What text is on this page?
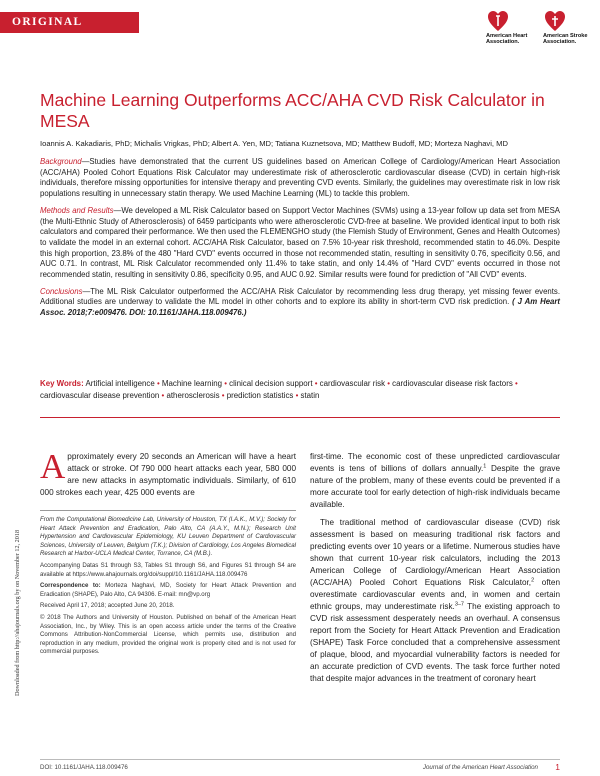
ORIGINAL RESEARCH
American Heart Association.
American Stroke Association.
Machine Learning Outperforms ACC/AHA CVD Risk Calculator in MESA
Ioannis A. Kakadiaris, PhD; Michalis Vrigkas, PhD; Albert A. Yen, MD; Tatiana Kuznetsova, MD; Matthew Budoff, MD; Morteza Naghavi, MD

Background—Studies have demonstrated that the current US guidelines based on American College of Cardiology/American Heart Association (ACC/AHA) Pooled Cohort Equations Risk Calculator may underestimate risk of atherosclerotic cardiovascular disease (CVD) in certain high-risk individuals, therefore missing opportunities for intensive therapy and preventing CVD events. Similarly, the guidelines may overestimate risk in low risk populations resulting in unnecessary statin therapy. We used Machine Learning (ML) to tackle this problem.

Methods and Results—We developed a ML Risk Calculator based on Support Vector Machines (SVMs) using a 13-year follow up data set from MESA (the Multi-Ethnic Study of Atherosclerosis) of 6459 participants who were atherosclerotic CVD-free at baseline. We provided identical input to both risk calculators and compared their performance. We then used the FLEMENGHO study (the Flemish Study of Environment, Genes and Health Outcomes) to validate the model in an external cohort. ACC/AHA Risk Calculator, based on 7.5% 10-year risk threshold, recommended statin to 46.0%. Despite this high proportion, 23.8% of the 480 "Hard CVD" events occurred in those not recommended statin, resulting in sensitivity 0.76, specificity 0.56, and AUC 0.71. In contrast, ML Risk Calculator recommended only 11.4% to take statin, and only 14.4% of "Hard CVD" events occurred in those not recommended statin, resulting in sensitivity 0.86, specificity 0.95, and AUC 0.92. Similar results were found for prediction of "All CVD" events.

Conclusions—The ML Risk Calculator outperformed the ACC/AHA Risk Calculator by recommending less drug therapy, yet missing fewer events. Additional studies are underway to validate the ML model in other cohorts and to explore its ability in short-term CVD risk prediction. ( J Am Heart Assoc. 2018;7:e009476. DOI: 10.1161/JAHA.118.009476.)

Key Words: Artificial intelligence • Machine learning • clinical decision support • cardiovascular risk • cardiovascular disease risk factors • cardiovascular disease prevention • atherosclerosis • prediction statistics • statin
Downloaded from http://ahajournals.org by on November 12, 2018
Approximately every 20 seconds an American will have a heart attack or stroke. Of 790 000 heart attacks each year, 580 000 are new attacks in asymptomatic individuals. Similarly, of 610 000 strokes each year, 425 000 events are

From the Computational Biomedicine Lab, University of Houston, TX (I.A.K., M.V.); Society for Heart Attack Prevention and Eradication, Palo Alto, CA (A.A.Y., M.N.); Research Unit Hypertension and Cardiovascular Epidemiology, KU Leuven Department of Cardiovascular Sciences, University of Leuven, Belgium (T.K.); Division of Cardiology, Los Angeles Biomedical Research at Harbor-UCLA Medical Center, Torrance, CA (M.B.).

Accompanying Datas S1 through S3, Tables S1 through S6, and Figures S1 through S4 are available at https://www.ahajournals.org/doi/suppl/10.1161/JAHA.118.009476

Correspondence to: Morteza Naghavi, MD, Society for Heart Attack Prevention and Eradication (SHAPE), Palo Alto, CA 94306. E-mail: mn@vp.org

Received April 17, 2018; accepted June 20, 2018.

© 2018 The Authors and University of Houston. Published on behalf of the American Heart Association, Inc., by Wiley. This is an open access article under the terms of the Creative Commons Attribution-NonCommercial License, which permits use, distribution and reproduction in any medium, provided the original work is properly cited and is not used for commercial purposes.

first-time. The economic cost of these unpredicted cardiovascular events is tens of billions of dollars annually.$^1$ Despite the grave nature of the problem, many of these events could be prevented if a more accurate tool for early detection of high-risk individuals became available.

The traditional method of cardiovascular disease (CVD) risk assessment is based on measuring traditional risk factors and predicting events over 10 years or a lifetime. Numerous studies have shown that current 10-year risk calculators, including the 2013 American College of Cardiology/American Heart Association (ACC/AHA) Pooled Cohort Equations Risk Calculator,$^2$ often overestimate cardiovascular events and, in women and certain ethnic groups, may underestimate risk.$^{3-7}$ The existing approach to CVD risk assessment desperately needs an overhaul. A consensus report from the Society for Heart Attack Prevention and Eradication (SHAPE) Task Force concluded that a comprehensive assessment of plaque, blood, and myocardial vulnerability factors is needed for an accurate prediction of CVD events. The task force further noted that despite major advances in the treatment of coronary heart

DOI: 10.1161/JAHA.118.009476	Journal of the American Heart Association 1
